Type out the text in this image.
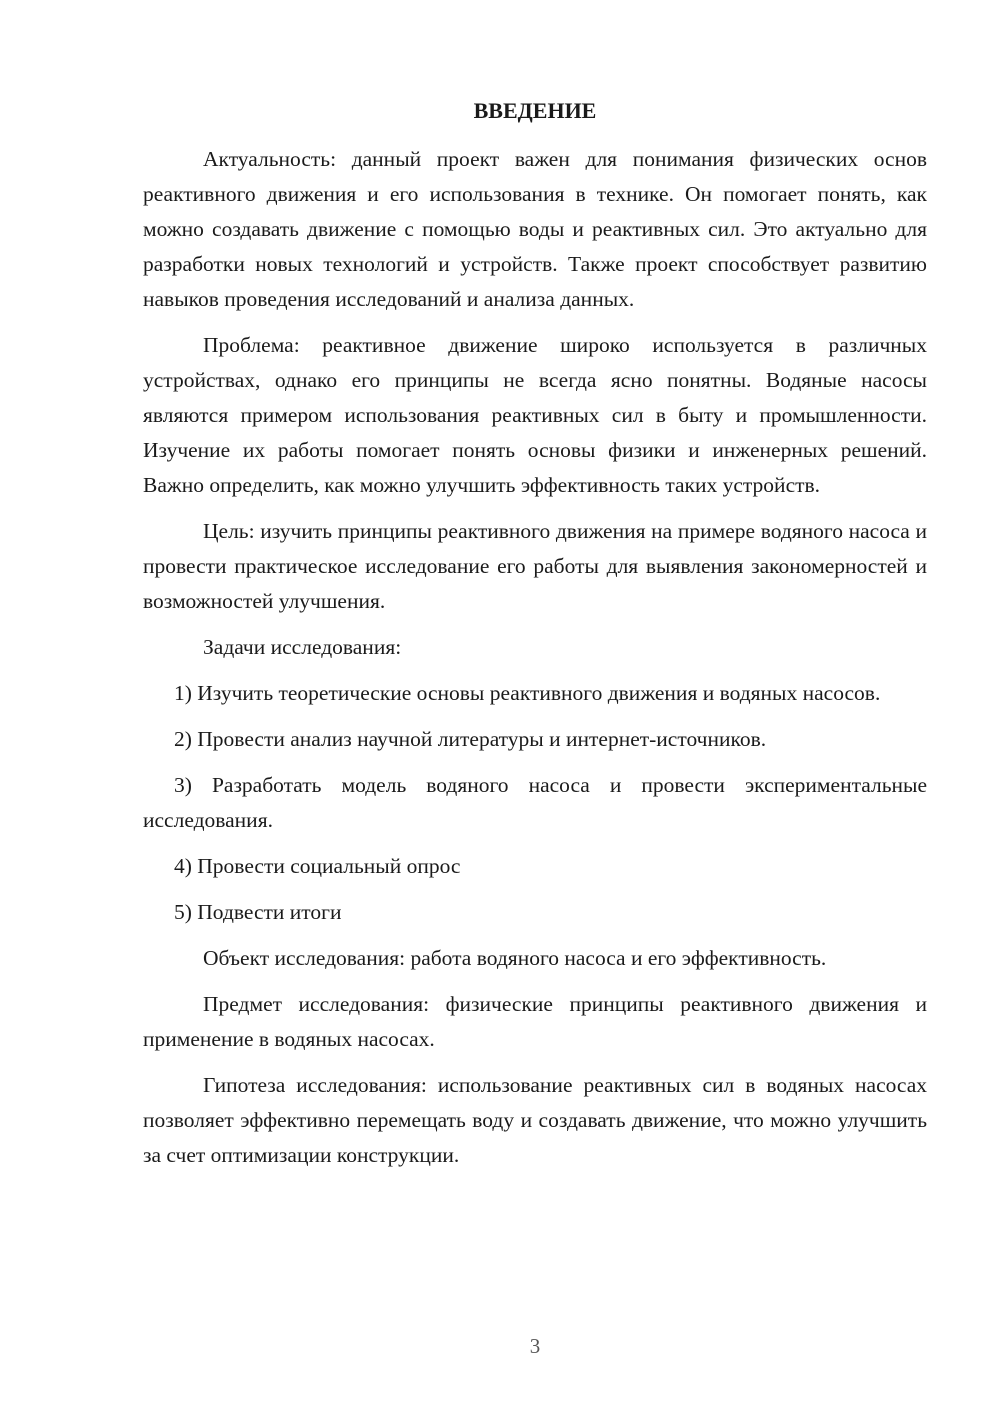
ВВЕДЕНИЕ

Актуальность: данный проект важен для понимания физических основ реактивного движения и его использования в технике. Он помогает понять, как можно создавать движение с помощью воды и реактивных сил. Это актуально для разработки новых технологий и устройств. Также проект способствует развитию навыков проведения исследований и анализа данных.

Проблема: реактивное движение широко используется в различных устройствах, однако его принципы не всегда ясно понятны. Водяные насосы являются примером использования реактивных сил в быту и промышленности. Изучение их работы помогает понять основы физики и инженерных решений. Важно определить, как можно улучшить эффективность таких устройств.

Цель: изучить принципы реактивного движения на примере водяного насоса и провести практическое исследование его работы для выявления закономерностей и возможностей улучшения.

Задачи исследования:

1) Изучить теоретические основы реактивного движения и водяных насосов.

2) Провести анализ научной литературы и интернет-источников.

3) Разработать модель водяного насоса и провести экспериментальные исследования.

4) Провести социальный опрос

5) Подвести итоги

Объект исследования: работа водяного насоса и его эффективность.

Предмет исследования: физические принципы реактивного движения и применение в водяных насосах.

Гипотеза исследования: использование реактивных сил в водяных насосах позволяет эффективно перемещать воду и создавать движение, что можно улучшить за счет оптимизации конструкции.

3
